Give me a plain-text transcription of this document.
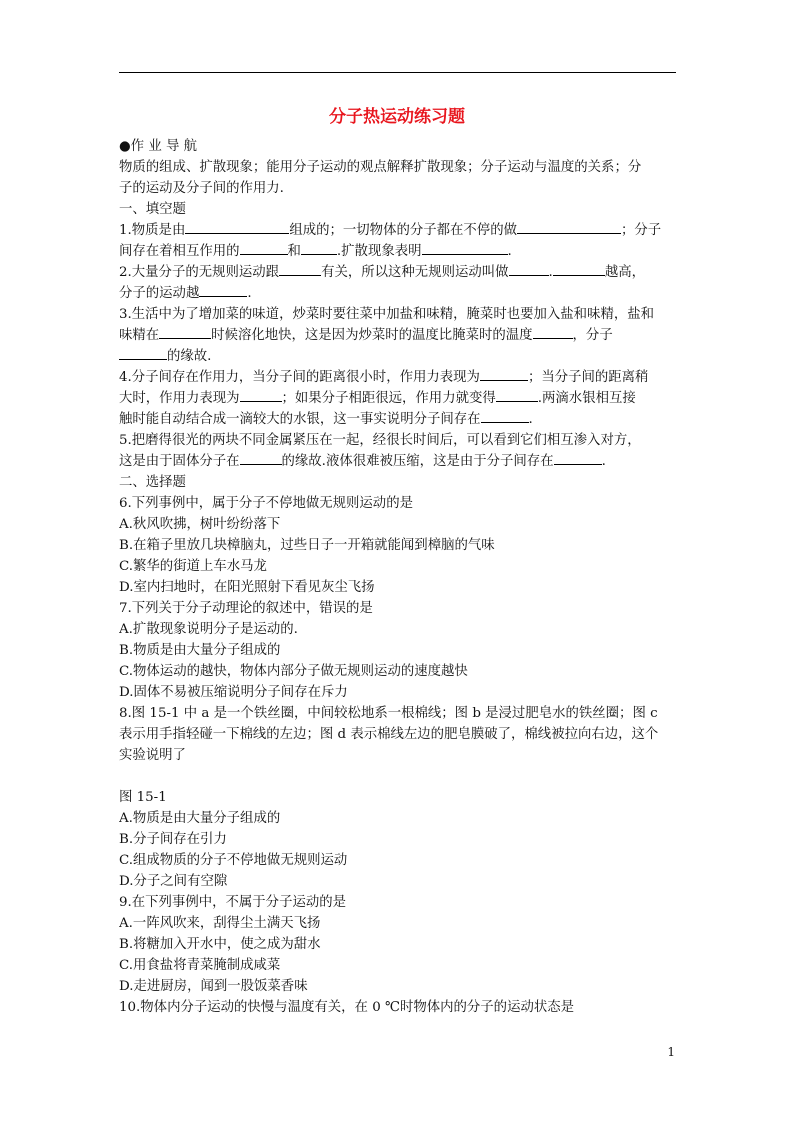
分子热运动练习题
●作 业 导 航
物质的组成、扩散现象；能用分子运动的观点解释扩散现象；分子运动与温度的关系；分
子的运动及分子间的作用力.
一、填空题
1.物质是由	组成的；一切物体的分子都在不停的做	；分子
间存在着相互作用的	和	.扩散现象表明	.
2.大量分子的无规则运动跟	有关，所以这种无规则运动叫做	.	越高，
分子的运动越	.
3.生活中为了增加菜的味道，炒菜时要往菜中加盐和味精，腌菜时也要加入盐和味精，盐和
味精在	时候溶化地快，这是因为炒菜时的温度比腌菜时的温度	，分子
的缘故.
4.分子间存在作用力，当分子间的距离很小时，作用力表现为	；当分子间的距离稍
大时，作用力表现为	；如果分子相距很远，作用力就变得	.两滴水银相互接
触时能自动结合成一滴较大的水银，这一事实说明分子间存在	.
5.把磨得很光的两块不同金属紧压在一起，经很长时间后，可以看到它们相互渗入对方，
这是由于固体分子在	的缘故.液体很难被压缩，这是由于分子间存在	.
二、选择题
6.下列事例中，属于分子不停地做无规则运动的是
A.秋风吹拂，树叶纷纷落下
B.在箱子里放几块樟脑丸，过些日子一开箱就能闻到樟脑的气味
C.繁华的街道上车水马龙
D.室内扫地时，在阳光照射下看见灰尘飞扬
7.下列关于分子动理论的叙述中，错误的是
A.扩散现象说明分子是运动的.
B.物质是由大量分子组成的
C.物体运动的越快，物体内部分子做无规则运动的速度越快
D.固体不易被压缩说明分子间存在斥力
8.图 15-1 中 a 是一个铁丝圈，中间较松地系一根棉线；图 b 是浸过肥皂水的铁丝圈；图 c
表示用手指轻碰一下棉线的左边；图 d 表示棉线左边的肥皂膜破了，棉线被拉向右边，这个
实验说明了
图 15-1
A.物质是由大量分子组成的
B.分子间存在引力
C.组成物质的分子不停地做无规则运动
D.分子之间有空隙
9.在下列事例中，不属于分子运动的是
A.一阵风吹来，刮得尘土满天飞扬
B.将糖加入开水中，使之成为甜水
C.用食盐将青菜腌制成咸菜
D.走进厨房，闻到一股饭菜香味
10.物体内分子运动的快慢与温度有关，在 0 ℃时物体内的分子的运动状态是
1
